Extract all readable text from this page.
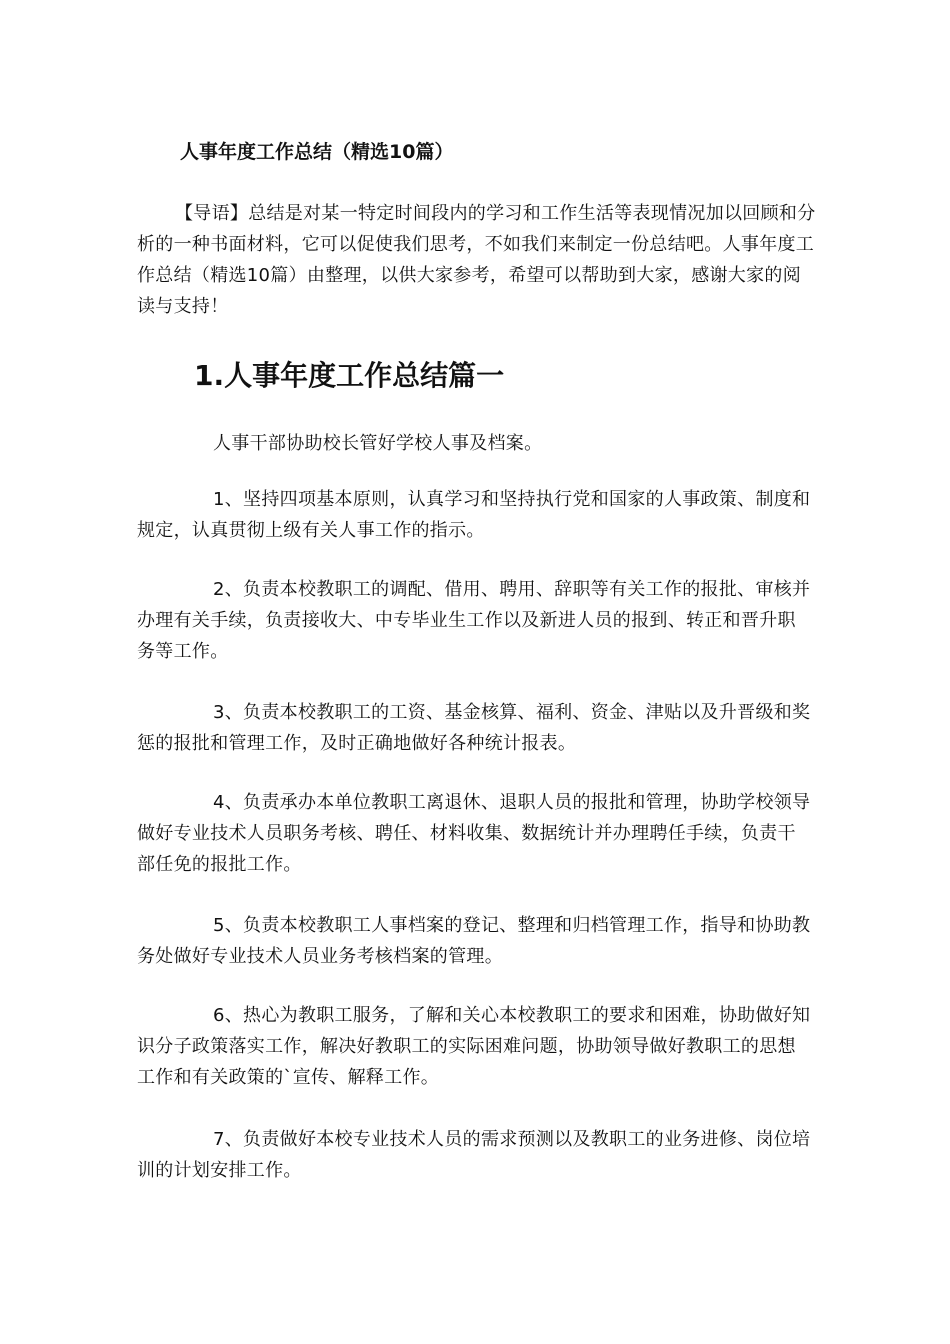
人事年度工作总结（精选10篇）

【导语】总结是对某一特定时间段内的学习和工作生活等表现情况加以回顾和分析的一种书面材料，它可以促使我们思考，不如我们来制定一份总结吧。人事年度工作总结（精选10篇）由整理，以供大家参考，希望可以帮助到大家，感谢大家的阅读与支持！

1.人事年度工作总结篇一

人事干部协助校长管好学校人事及档案。

1、坚持四项基本原则，认真学习和坚持执行党和国家的人事政策、制度和规定，认真贯彻上级有关人事工作的指示。

2、负责本校教职工的调配、借用、聘用、辞职等有关工作的报批、审核并办理有关手续，负责接收大、中专毕业生工作以及新进人员的报到、转正和晋升职务等工作。

3、负责本校教职工的工资、基金核算、福利、资金、津贴以及升晋级和奖惩的报批和管理工作，及时正确地做好各种统计报表。

4、负责承办本单位教职工离退休、退职人员的报批和管理，协助学校领导做好专业技术人员职务考核、聘任、材料收集、数据统计并办理聘任手续，负责干部任免的报批工作。

5、负责本校教职工人事档案的登记、整理和归档管理工作，指导和协助教务处做好专业技术人员业务考核档案的管理。

6、热心为教职工服务，了解和关心本校教职工的要求和困难，协助做好知识分子政策落实工作，解决好教职工的实际困难问题，协助领导做好教职工的思想工作和有关政策的`宣传、解释工作。

7、负责做好本校专业技术人员的需求预测以及教职工的业务进修、岗位培训的计划安排工作。
